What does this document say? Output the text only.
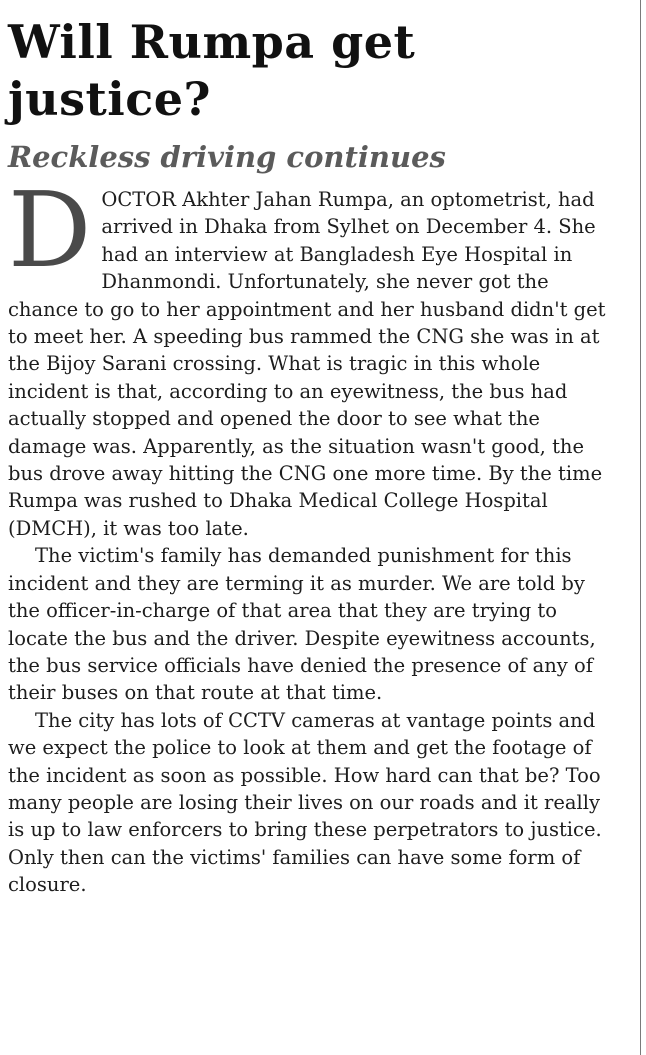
Will Rumpa get justice?
Reckless driving continues

DOCTOR Akhter Jahan Rumpa, an optometrist, had arrived in Dhaka from Sylhet on December 4. She had an interview at Bangladesh Eye Hospital in Dhanmondi. Unfortunately, she never got the chance to go to her appointment and her husband didn't get to meet her. A speeding bus rammed the CNG she was in at the Bijoy Sarani crossing. What is tragic in this whole incident is that, according to an eyewitness, the bus had actually stopped and opened the door to see what the damage was. Apparently, as the situation wasn't good, the bus drove away hitting the CNG one more time. By the time Rumpa was rushed to Dhaka Medical College Hospital (DMCH), it was too late.

The victim's family has demanded punishment for this incident and they are terming it as murder. We are told by the officer-in-charge of that area that they are trying to locate the bus and the driver. Despite eyewitness accounts, the bus service officials have denied the presence of any of their buses on that route at that time.

The city has lots of CCTV cameras at vantage points and we expect the police to look at them and get the footage of the incident as soon as possible. How hard can that be? Too many people are losing their lives on our roads and it really is up to law enforcers to bring these perpetrators to justice. Only then can the victims' families can have some form of closure.
